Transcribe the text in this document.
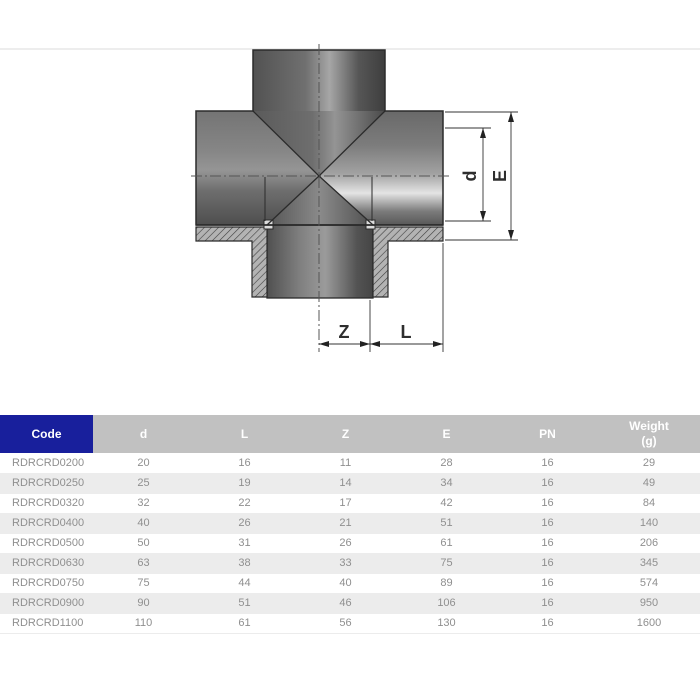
d E
Z	L
Code	d	L	Z	E	PN	Weight
(g)

RDRCRD0200	20	16	11	28	16	29
RDRCRD0250	25	19	14	34	16	49
RDRCRD0320	32	22	17	42	16	84
RDRCRD0400	40	26	21	51	16	140
RDRCRD0500	50	31	26	61	16	206
RDRCRD0630	63	38	33	75	16	345
RDRCRD0750	75	44	40	89	16	574
RDRCRD0900	90	51	46	106	16	950
RDRCRD1100	110	61	56	130	16	1600
